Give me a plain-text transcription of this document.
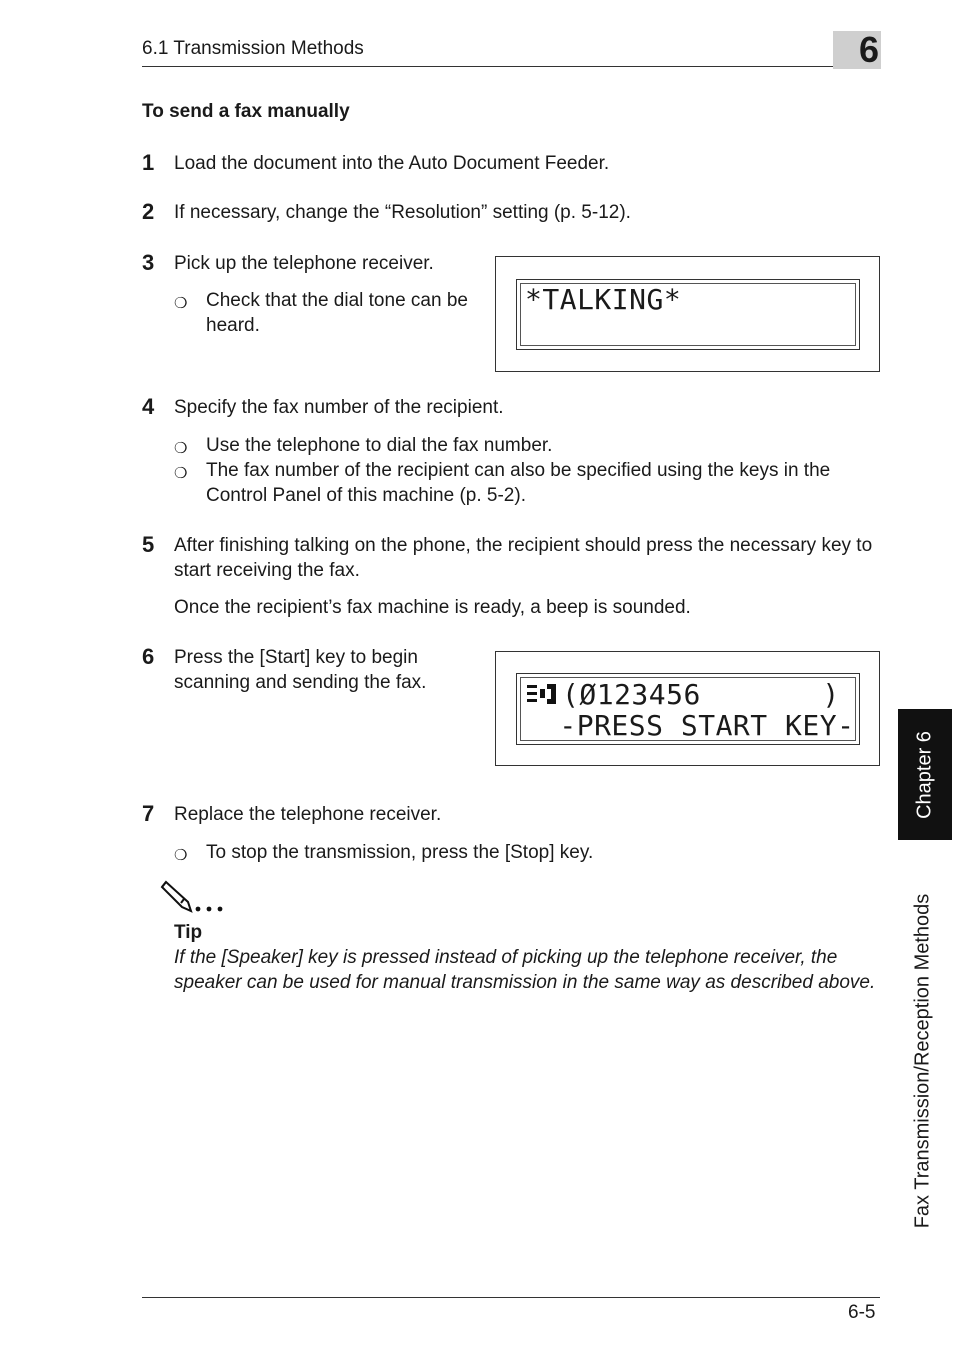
6.1 Transmission Methods	6
To send a fax manually
1 Load the document into the Auto Document Feeder.
2 If necessary, change the “Resolution” setting (p. 5-12).
3 Pick up the telephone receiver.
❍ Check that the dial tone can be heard.
*TALKING*
4 Specify the fax number of the recipient.
❍ Use the telephone to dial the fax number.
❍ The fax number of the recipient can also be specified using the keys in the Control Panel of this machine (p. 5-2).
5 After finishing talking on the phone, the recipient should press the necessary key to start receiving the fax.
Once the recipient’s fax machine is ready, a beep is sounded.
6 Press the [Start] key to begin scanning and sending the fax.	(Ø123456       )
-PRESS START KEY-
7 Replace the telephone receiver.
❍ To stop the transmission, press the [Stop] key.
Tip
If the [Speaker] key is pressed instead of picking up the telephone receiver, the speaker can be used for manual transmission in the same way as described above.
Chapter 6
Fax Transmission/Reception Methods
6-5
